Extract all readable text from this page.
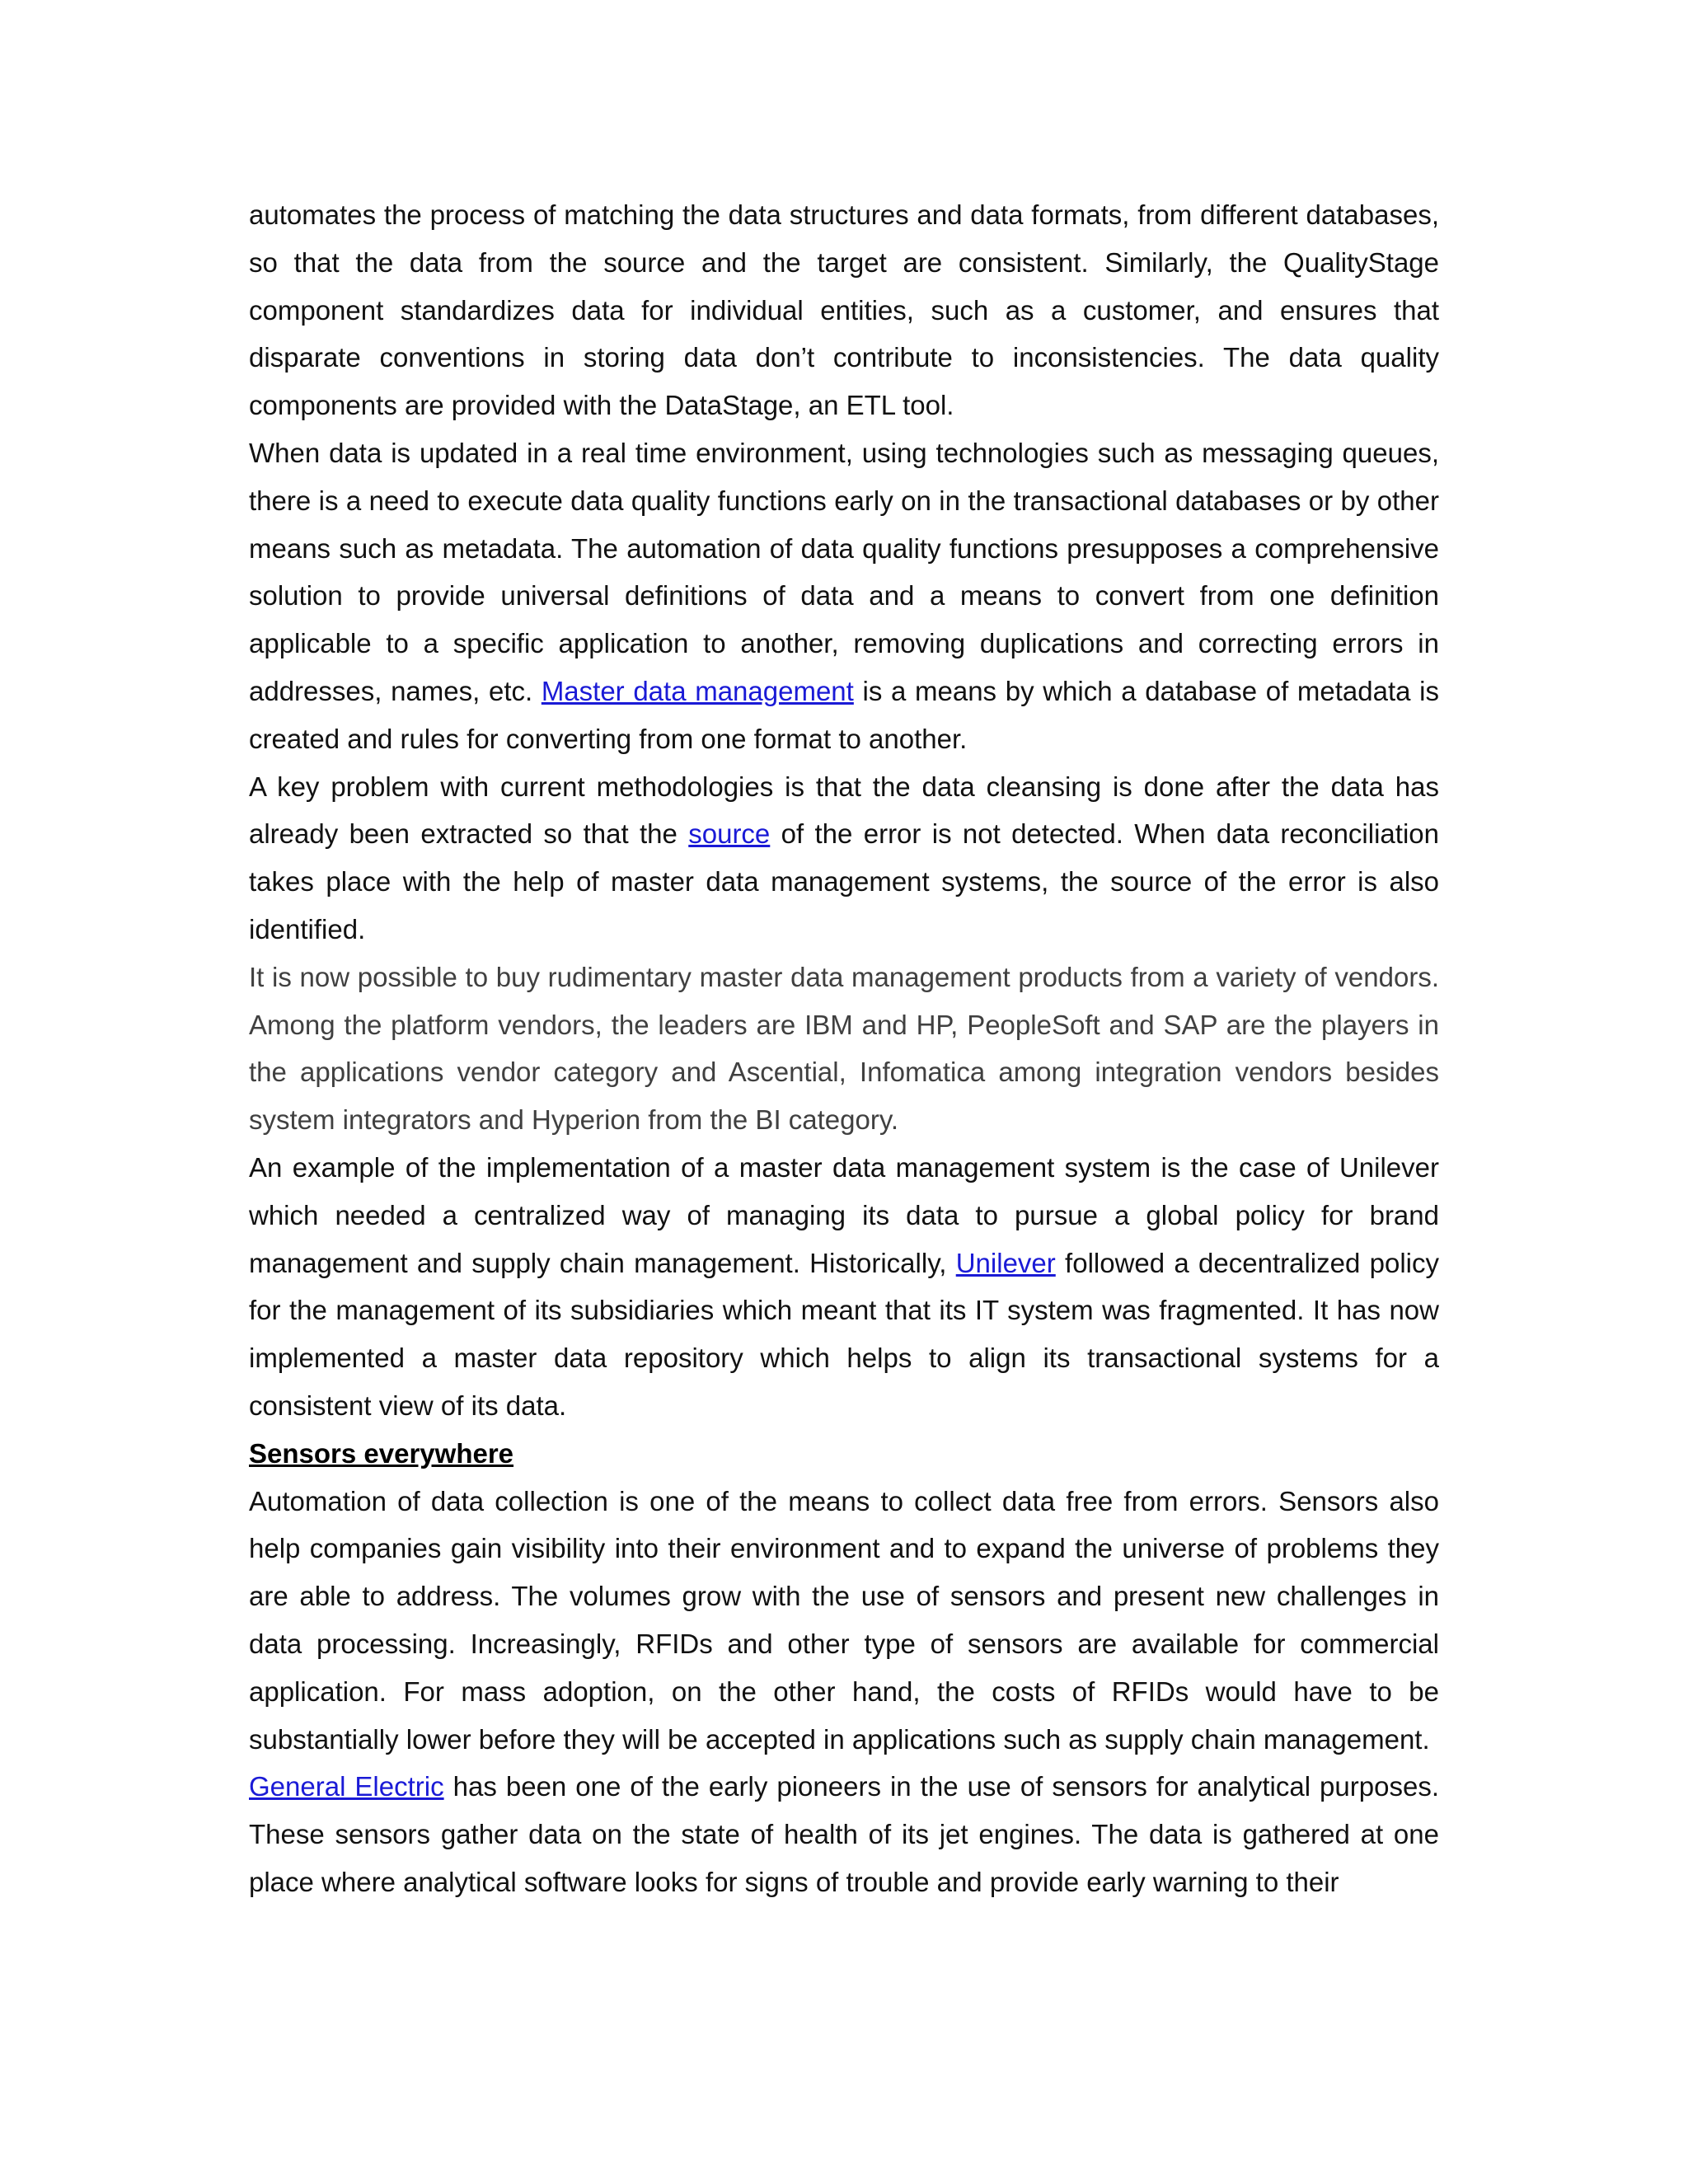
automates the process of matching the data structures and data formats, from different databases, so that the data from the source and the target are consistent. Similarly, the QualityStage component standardizes data for individual entities, such as a customer, and ensures that disparate conventions in storing data don’t contribute to inconsistencies. The data quality components are provided with the DataStage, an ETL tool.

When data is updated in a real time environment, using technologies such as messaging queues, there is a need to execute data quality functions early on in the transactional databases or by other means such as metadata. The automation of data quality functions presupposes a comprehensive solution to provide universal definitions of data and a means to convert from one definition applicable to a specific application to another, removing duplications and correcting errors in addresses, names, etc. Master data management is a means by which a database of metadata is created and rules for converting from one format to another.

A key problem with current methodologies is that the data cleansing is done after the data has already been extracted so that the source of the error is not detected. When data reconciliation takes place with the help of master data management systems, the source of the error is also identified.

It is now possible to buy rudimentary master data management products from a variety of vendors. Among the platform vendors, the leaders are IBM and HP, PeopleSoft and SAP are the players in the applications vendor category and Ascential, Infomatica among integration vendors besides system integrators and Hyperion from the BI category.

An example of the implementation of a master data management system is the case of Unilever which needed a centralized way of managing its data to pursue a global policy for brand management and supply chain management. Historically, Unilever followed a decentralized policy for the management of its subsidiaries which meant that its IT system was fragmented. It has now implemented a master data repository which helps to align its transactional systems for a consistent view of its data.

Sensors everywhere

Automation of data collection is one of the means to collect data free from errors. Sensors also help companies gain visibility into their environment and to expand the universe of problems they are able to address. The volumes grow with the use of sensors and present new challenges in data processing. Increasingly, RFIDs and other type of sensors are available for commercial application. For mass adoption, on the other hand, the costs of RFIDs would have to be substantially lower before they will be accepted in applications such as supply chain management.

General Electric has been one of the early pioneers in the use of sensors for analytical purposes. These sensors gather data on the state of health of its jet engines. The data is gathered at one place where analytical software looks for signs of trouble and provide early warning to their
